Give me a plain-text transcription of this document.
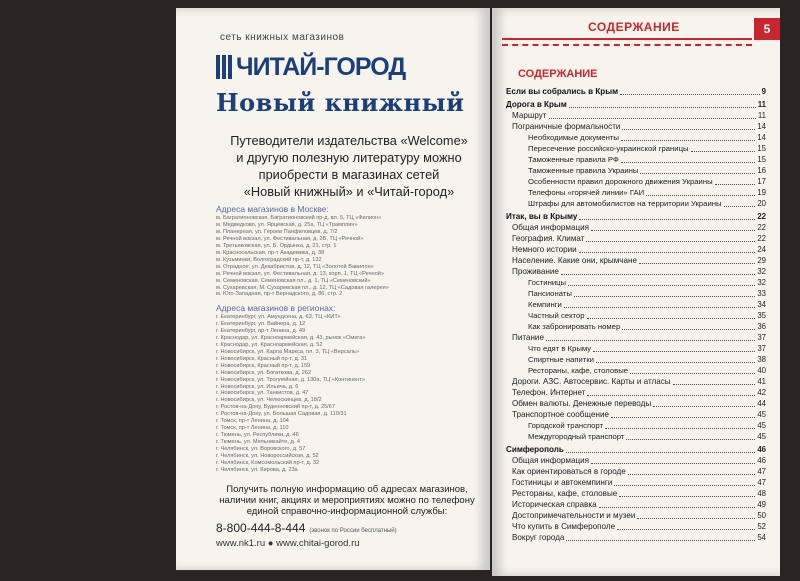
сеть книжных магазинов
ЧИТАЙ-ГОРОД
Новый книжный
Путеводители издательства «Welcome»
и другую полезную литературу можно
приобрести в магазинах сетей
«Новый книжный» и «Читай-город»
Адреса магазинов в Москве:
м. Багратионовская, Багратионовский пр-д, вл. 5, ТЦ «Филион»
м. Медведково, ул. Ярцевская, д. 25а, ТЦ «Трамплин»
м. Планерная, ул. Героев Панфиловцев, д. 7/2
м. Речной вокзал, ул. Фестивальная, д. 2Б, ТЦ «Речной»
м. Третьяковская, ул. Б. Ордынка, д. 21, стр. 1
м. Красносельская, пр-т Академика, д. 38
м. Кузьминки, Волгоградский пр-т, д. 132
м. Отрадное, ул. Декабристов, д. 12, ТЦ «Золотой Вавилон»
м. Речной вокзал, ул. Фестивальная, д. 13, корп. 1, ТЦ «Речной»
м. Семеновская, Семеновская пл., д. 1, ТЦ «Семеновский»
м. Сухаревская, М. Сухаревская пл., д. 12, ТЦ «Садовая галерея»
м. Юго-Западная, пр-т Вернадского, д. 86, стр. 2
Адреса магазинов в регионах:
г. Екатеринбург, ул. Амундсена, д. 63, ТЦ «КИТ»
г. Екатеринбург, ул. Вайнера, д. 12
г. Екатеринбург, пр-т Ленина, д. 49
г. Краснодар, ул. Красноармейская, д. 43, рынок «Омега»
г. Краснодар, ул. Красноармейская, д. 52
г. Новосибирск, ул. Карла Маркса, пл. 3, ТЦ «Версаль»
г. Новосибирск, Красный пр-т, д. 31
г. Новосибирск, Красный пр-т, д. 159
г. Новосибирск, ул. Богаткова, д. 262
г. Новосибирск, ул. Троллейная, д. 130а, ТЦ «Континент»
г. Новосибирск, ул. Ильича, д. 6
г. Новосибирск, ул. Танкистов, д. 47
г. Новосибирск, ул. Челюскинцев, д. 18/2
г. Ростов-на-Дону, Буденновский пр-т, д. 25/67
г. Ростов-на-Дону, ул. Большая Садовая, д. 110/31
г. Томск, пр-т Ленина, д. 104
г. Томск, пр-т Ленина, д. 110
г. Тюмень, ул. Республики, д. 46
г. Тюмень, ул. Мельникайте, д. 4
г. Челябинск, ул. Воровского, д. 57
г. Челябинск, ул. Новороссийская, д. 52
г. Челябинск, Комсомольский пр-т, д. 32
г. Челябинск, ул. Кирова, д. 23а
Получить полную информацию об адресах магазинов,
наличии книг, акциях и мероприятиях можно по телефону
единой справочно-информационной службы:
8-800-444-8-444 (звонок по России бесплатный)
www.nk1.ru ● www.chitai-gorod.ru
СОДЕРЖАНИЕ	5
СОДЕРЖАНИЕ
Если вы собрались в Крым	9
Дорога в Крым	11
Маршрут	11
Пограничные формальности	14
Необходимые документы	14
Пересечение российско-украинской границы	15
Таможенные правила РФ	15
Таможенные правила Украины	16
Особенности правил дорожного движения Украины	17
Телефоны «горячей линии» ГАИ	19
Штрафы для автомобилистов на территории Украины	20
Итак, вы в Крыму	22
Общая информация	22
География. Климат	22
Немного истории	24
Население. Какие они, крымчане	29
Проживание	32
Гостиницы	32
Пансионаты	33
Кемпинги	34
Частный сектор	35
Как забронировать номер	36
Питание	37
Что едят в Крыму	37
Спиртные напитки	38
Рестораны, кафе, столовые	40
Дороги. АЗС. Автосервис. Карты и атласы	41
Телефон. Интернет	42
Обмен валюты. Денежные переводы	44
Транспортное сообщение	45
Городской транспорт	45
Междугородный транспорт	45
Симферополь	46
Общая информация	46
Как ориентироваться в городе	47
Гостиницы и автокемпинги	47
Рестораны, кафе, столовые	48
Историческая справка	49
Достопримечательности и музеи	50
Что купить в Симферополе	52
Вокруг города	54
